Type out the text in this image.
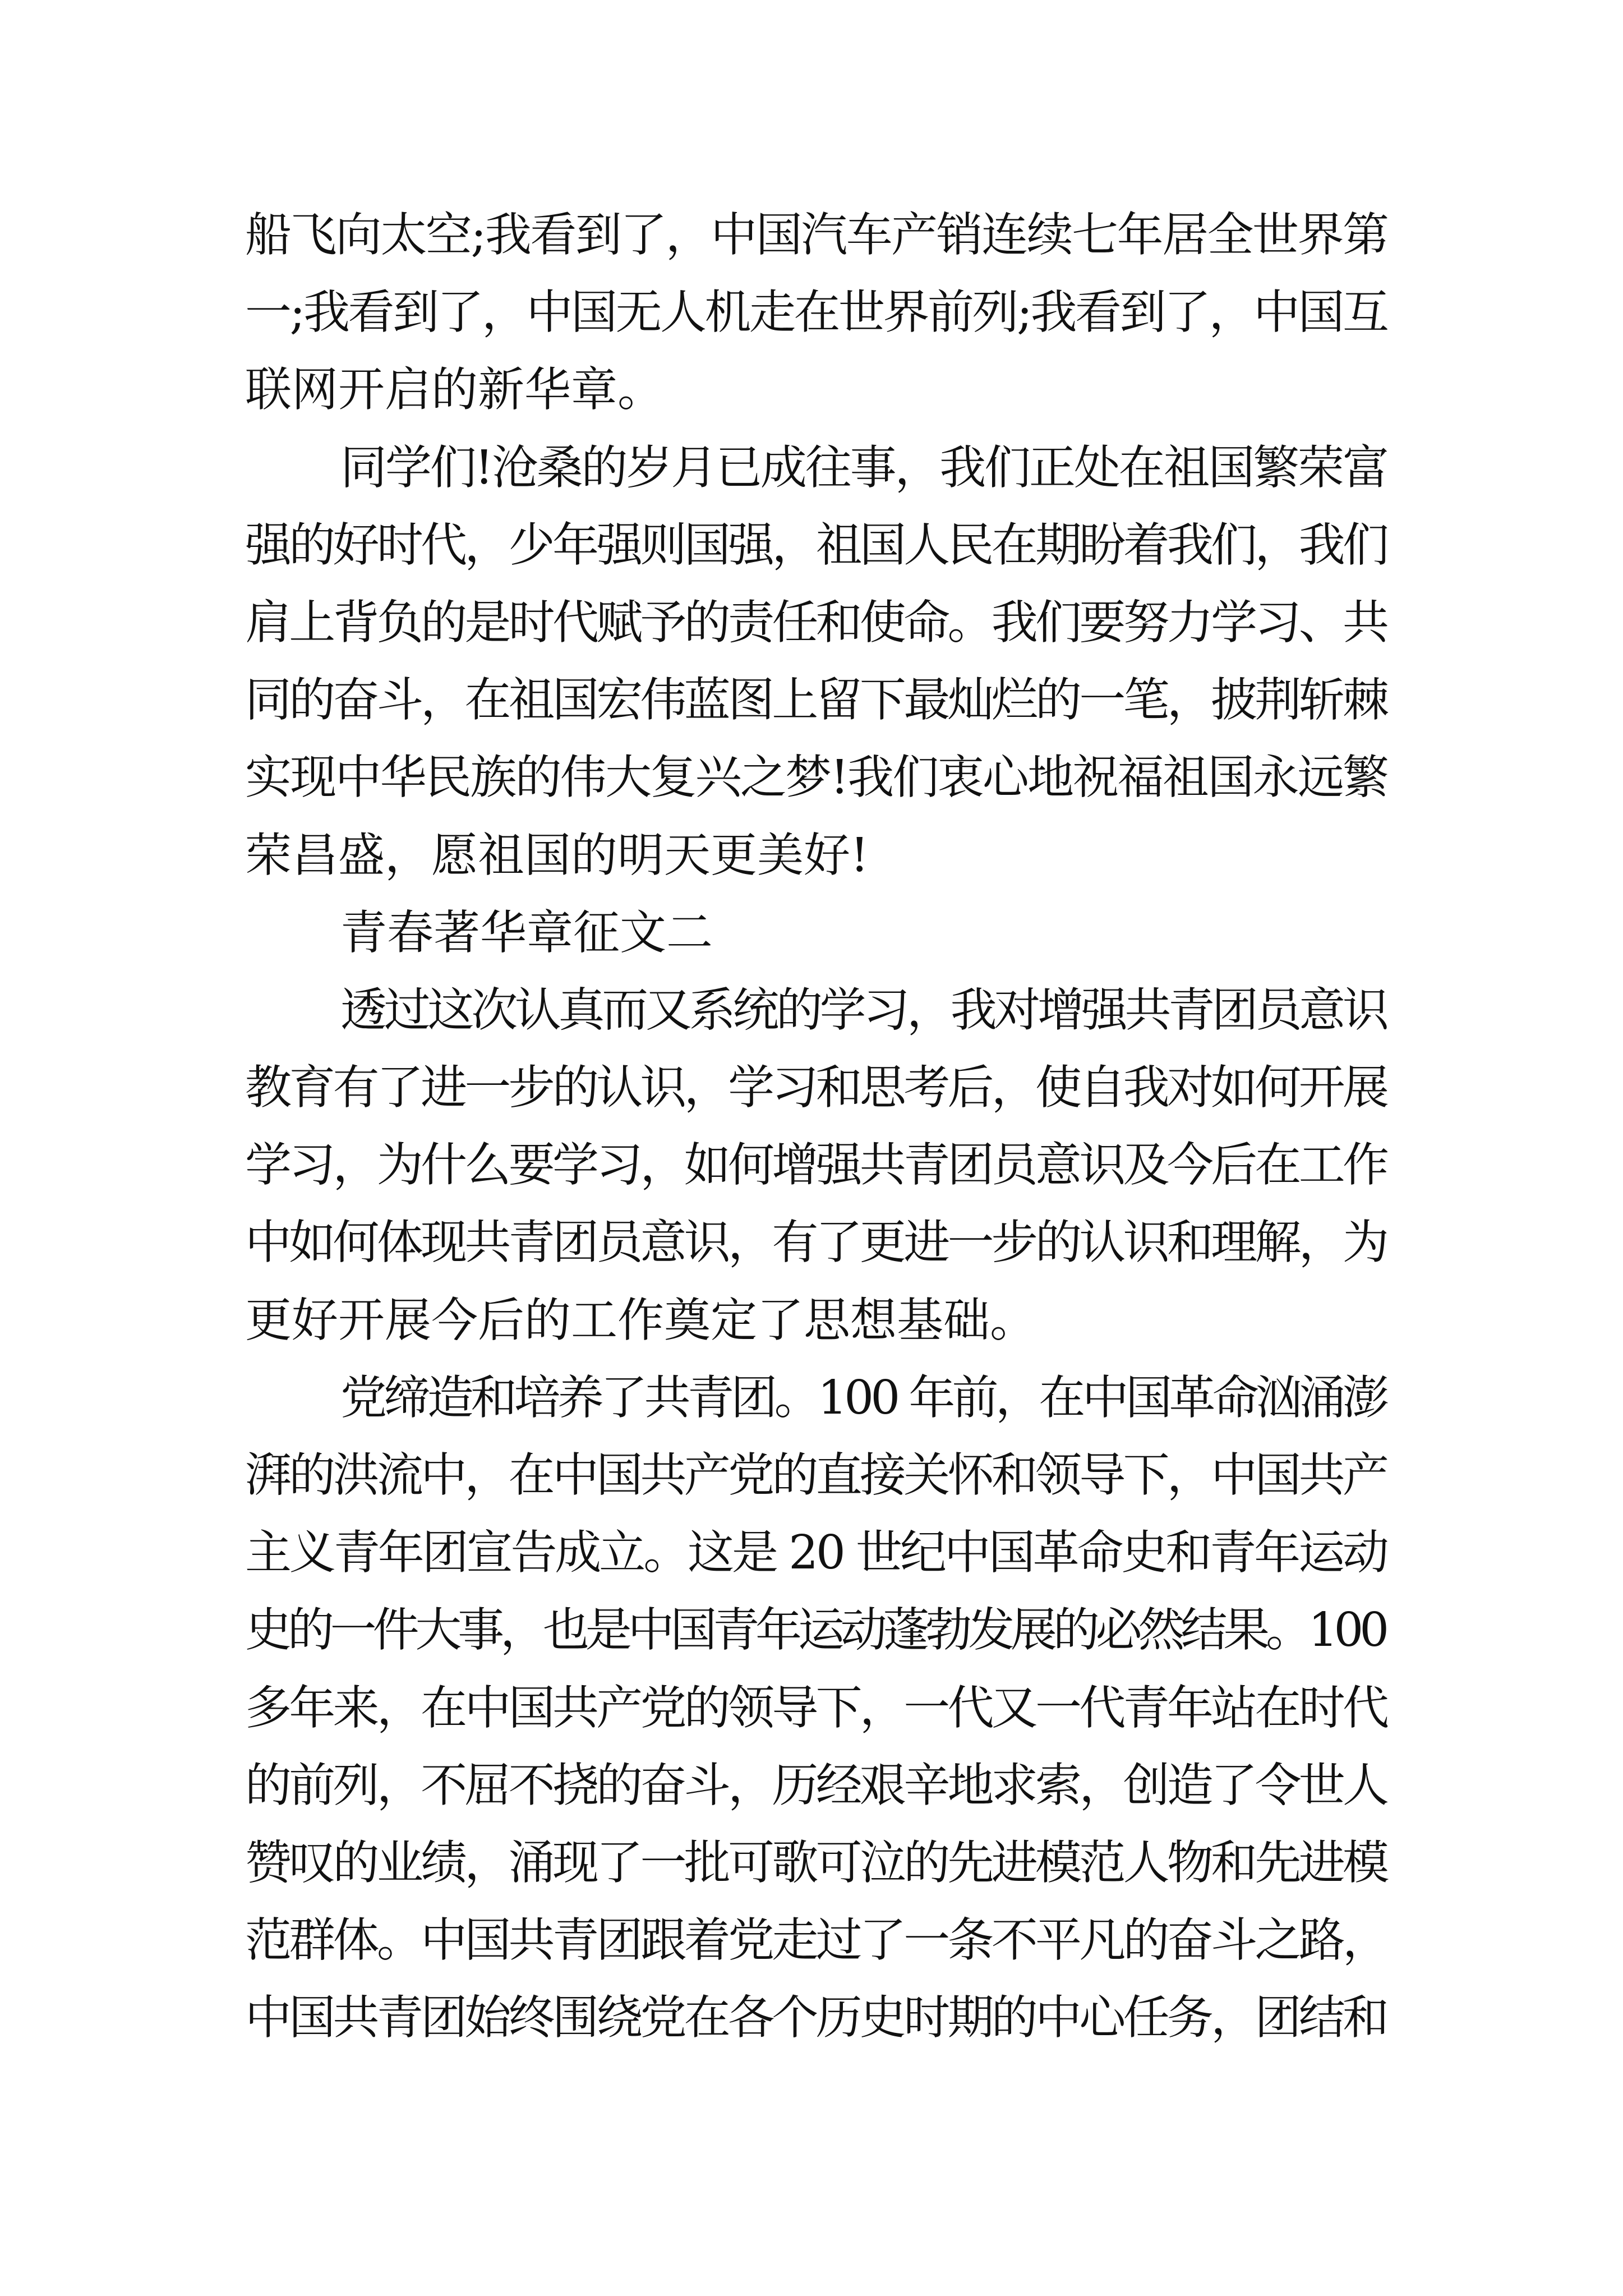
船飞向太空;我看到了，中国汽车产销连续七年居全世界第
一;我看到了，中国无人机走在世界前列;我看到了，中国互
联网开启的新华章。
同学们!沧桑的岁月已成往事，我们正处在祖国繁荣富
强的好时代，少年强则国强，祖国人民在期盼着我们，我们
肩上背负的是时代赋予的责任和使命。我们要努力学习、共
同的奋斗，在祖国宏伟蓝图上留下最灿烂的一笔，披荆斩棘
实现中华民族的伟大复兴之梦!我们衷心地祝福祖国永远繁
荣昌盛，愿祖国的明天更美好!
青春著华章征文二
透过这次认真而又系统的学习，我对增强共青团员意识
教育有了进一步的认识，学习和思考后，使自我对如何开展
学习，为什么要学习，如何增强共青团员意识及今后在工作
中如何体现共青团员意识，有了更进一步的认识和理解，为
更好开展今后的工作奠定了思想基础。
党缔造和培养了共青团。100 年前，在中国革命汹涌澎
湃的洪流中，在中国共产党的直接关怀和领导下，中国共产
主义青年团宣告成立。这是 20 世纪中国革命史和青年运动
史的一件大事，也是中国青年运动蓬勃发展的必然结果。100
多年来，在中国共产党的领导下，一代又一代青年站在时代
的前列，不屈不挠的奋斗，历经艰辛地求索，创造了令世人
赞叹的业绩，涌现了一批可歌可泣的先进模范人物和先进模
范群体。中国共青团跟着党走过了一条不平凡的奋斗之路，
中国共青团始终围绕党在各个历史时期的中心任务，团结和
